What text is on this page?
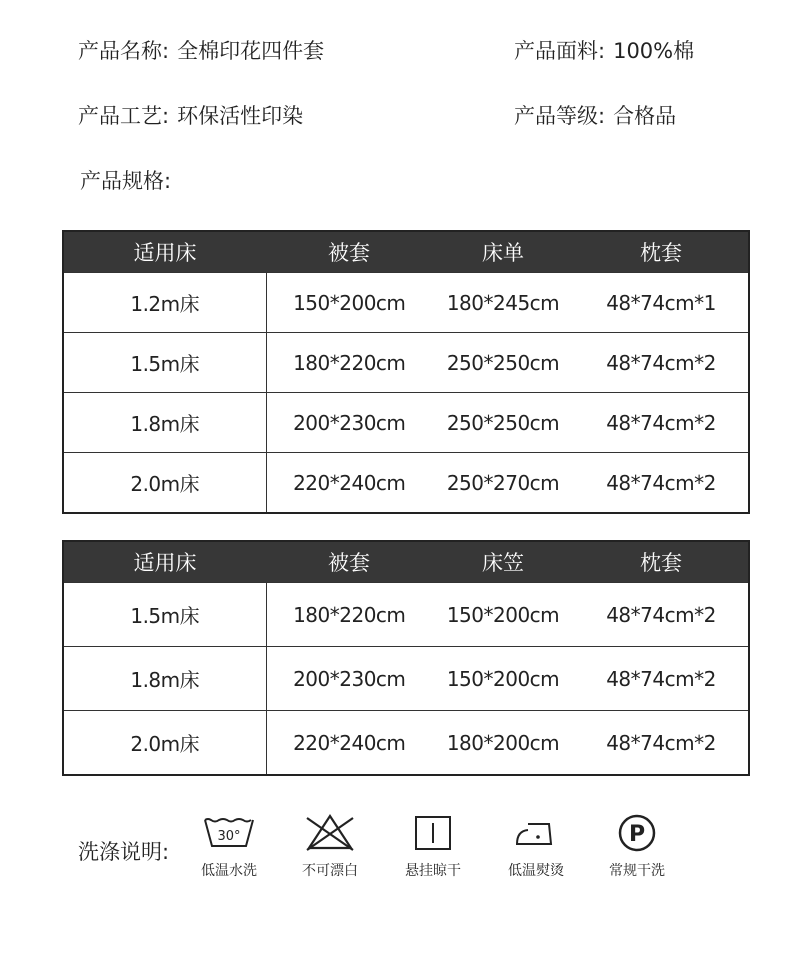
产品名称: 全棉印花四件套	产品面料: 100%棉
产品工艺: 环保活性印染	产品等级: 合格品
产品规格:
适用床	被套	床单	枕套
1.2m床	150*200cm	180*245cm	48*74cm*1
1.5m床	180*220cm	250*250cm	48*74cm*2
1.8m床	200*230cm	250*250cm	48*74cm*2
2.0m床	220*240cm	250*270cm	48*74cm*2
适用床	被套	床笠	枕套
1.5m床	180*220cm	150*200cm	48*74cm*2
1.8m床	200*230cm	150*200cm	48*74cm*2
2.0m床	220*240cm	180*200cm	48*74cm*2
洗涤说明:
30°
低温水洗	不可漂白	悬挂晾干	低温熨烫
P
常规干洗
